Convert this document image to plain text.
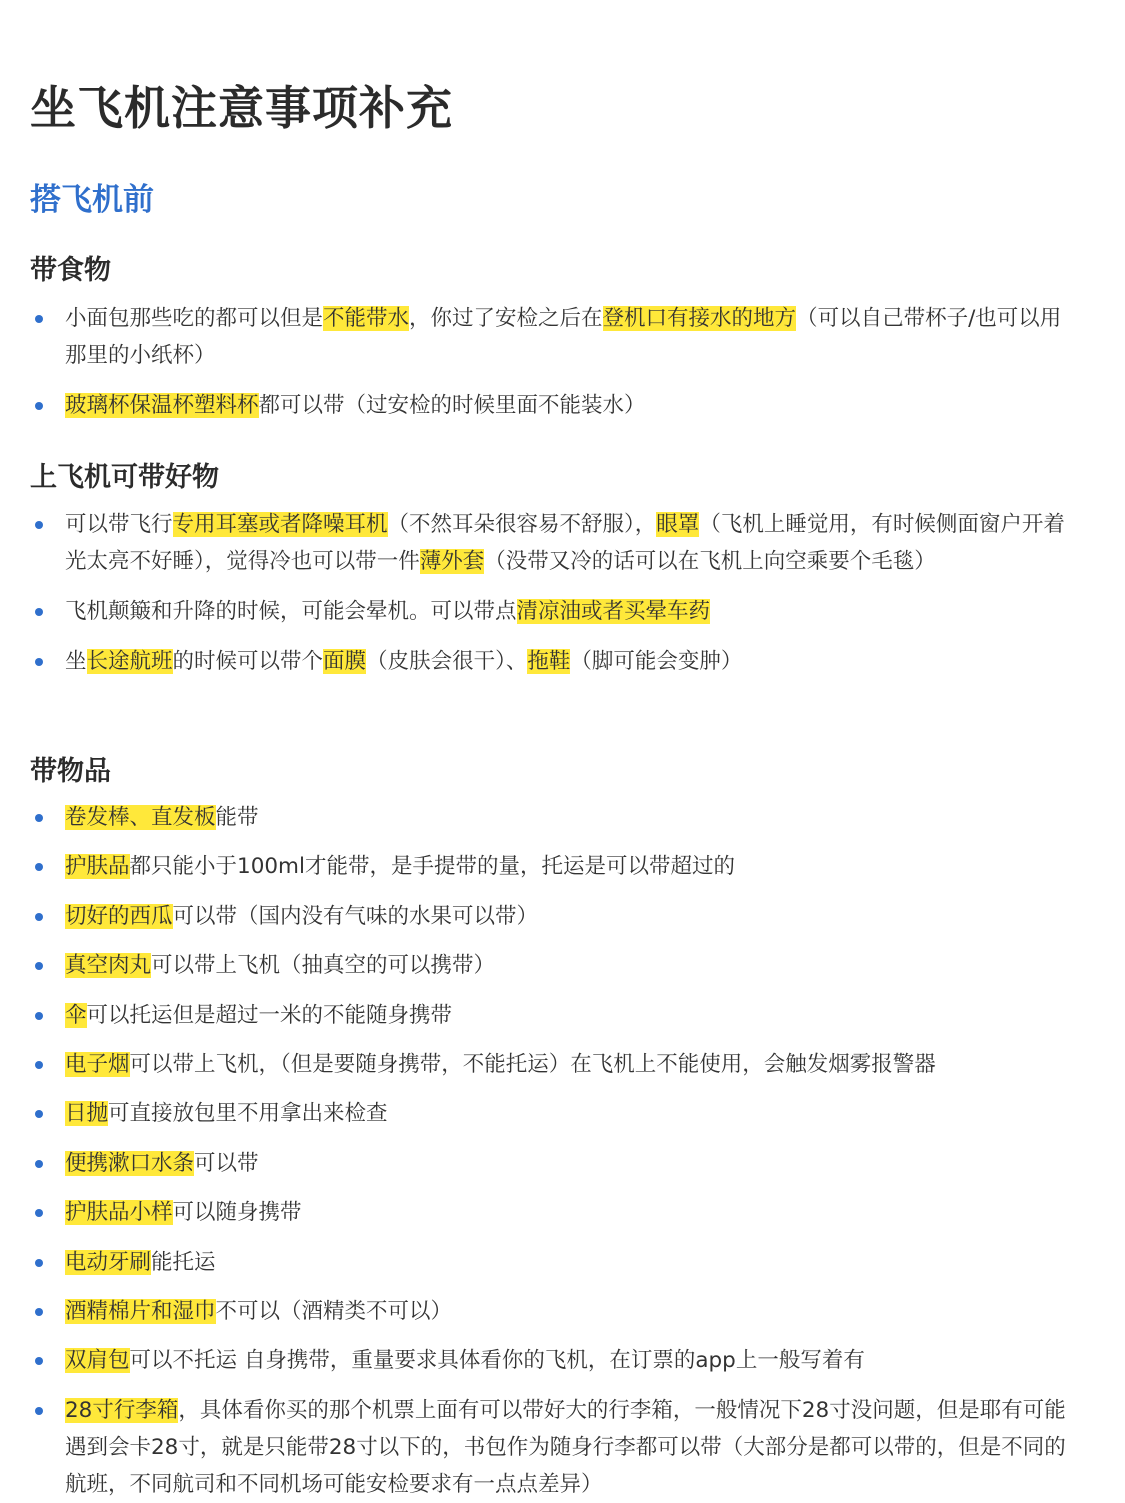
坐飞机注意事项补充
搭飞机前
带食物
小面包那些吃的都可以但是不能带水，你过了安检之后在登机口有接水的地方（可以自己带杯子/也可以用那里的小纸杯）
玻璃杯保温杯塑料杯都可以带（过安检的时候里面不能装水）
上飞机可带好物
可以带飞行专用耳塞或者降噪耳机（不然耳朵很容易不舒服），眼罩（飞机上睡觉用，有时候侧面窗户开着光太亮不好睡），觉得冷也可以带一件薄外套（没带又冷的话可以在飞机上向空乘要个毛毯）
飞机颠簸和升降的时候，可能会晕机。可以带点清凉油或者买晕车药
坐长途航班的时候可以带个面膜（皮肤会很干）、拖鞋（脚可能会变肿）
带物品
卷发棒、直发板能带
护肤品都只能小于100ml才能带，是手提带的量，托运是可以带超过的
切好的西瓜可以带（国内没有气味的水果可以带）
真空肉丸可以带上飞机（抽真空的可以携带）
伞可以托运但是超过一米的不能随身携带
电子烟可以带上飞机，（但是要随身携带，不能托运）在飞机上不能使用，会触发烟雾报警器
日抛可直接放包里不用拿出来检查
便携漱口水条可以带
护肤品小样可以随身携带
电动牙刷能托运
酒精棉片和湿巾不可以（酒精类不可以）
双肩包可以不托运 自身携带，重量要求具体看你的飞机，在订票的app上一般写着有
28寸行李箱，具体看你买的那个机票上面有可以带好大的行李箱，一般情况下28寸没问题，但是耶有可能遇到会卡28寸，就是只能带28寸以下的，书包作为随身行李都可以带（大部分是都可以带的，但是不同的航班，不同航司和不同机场可能安检要求有一点点差异）
